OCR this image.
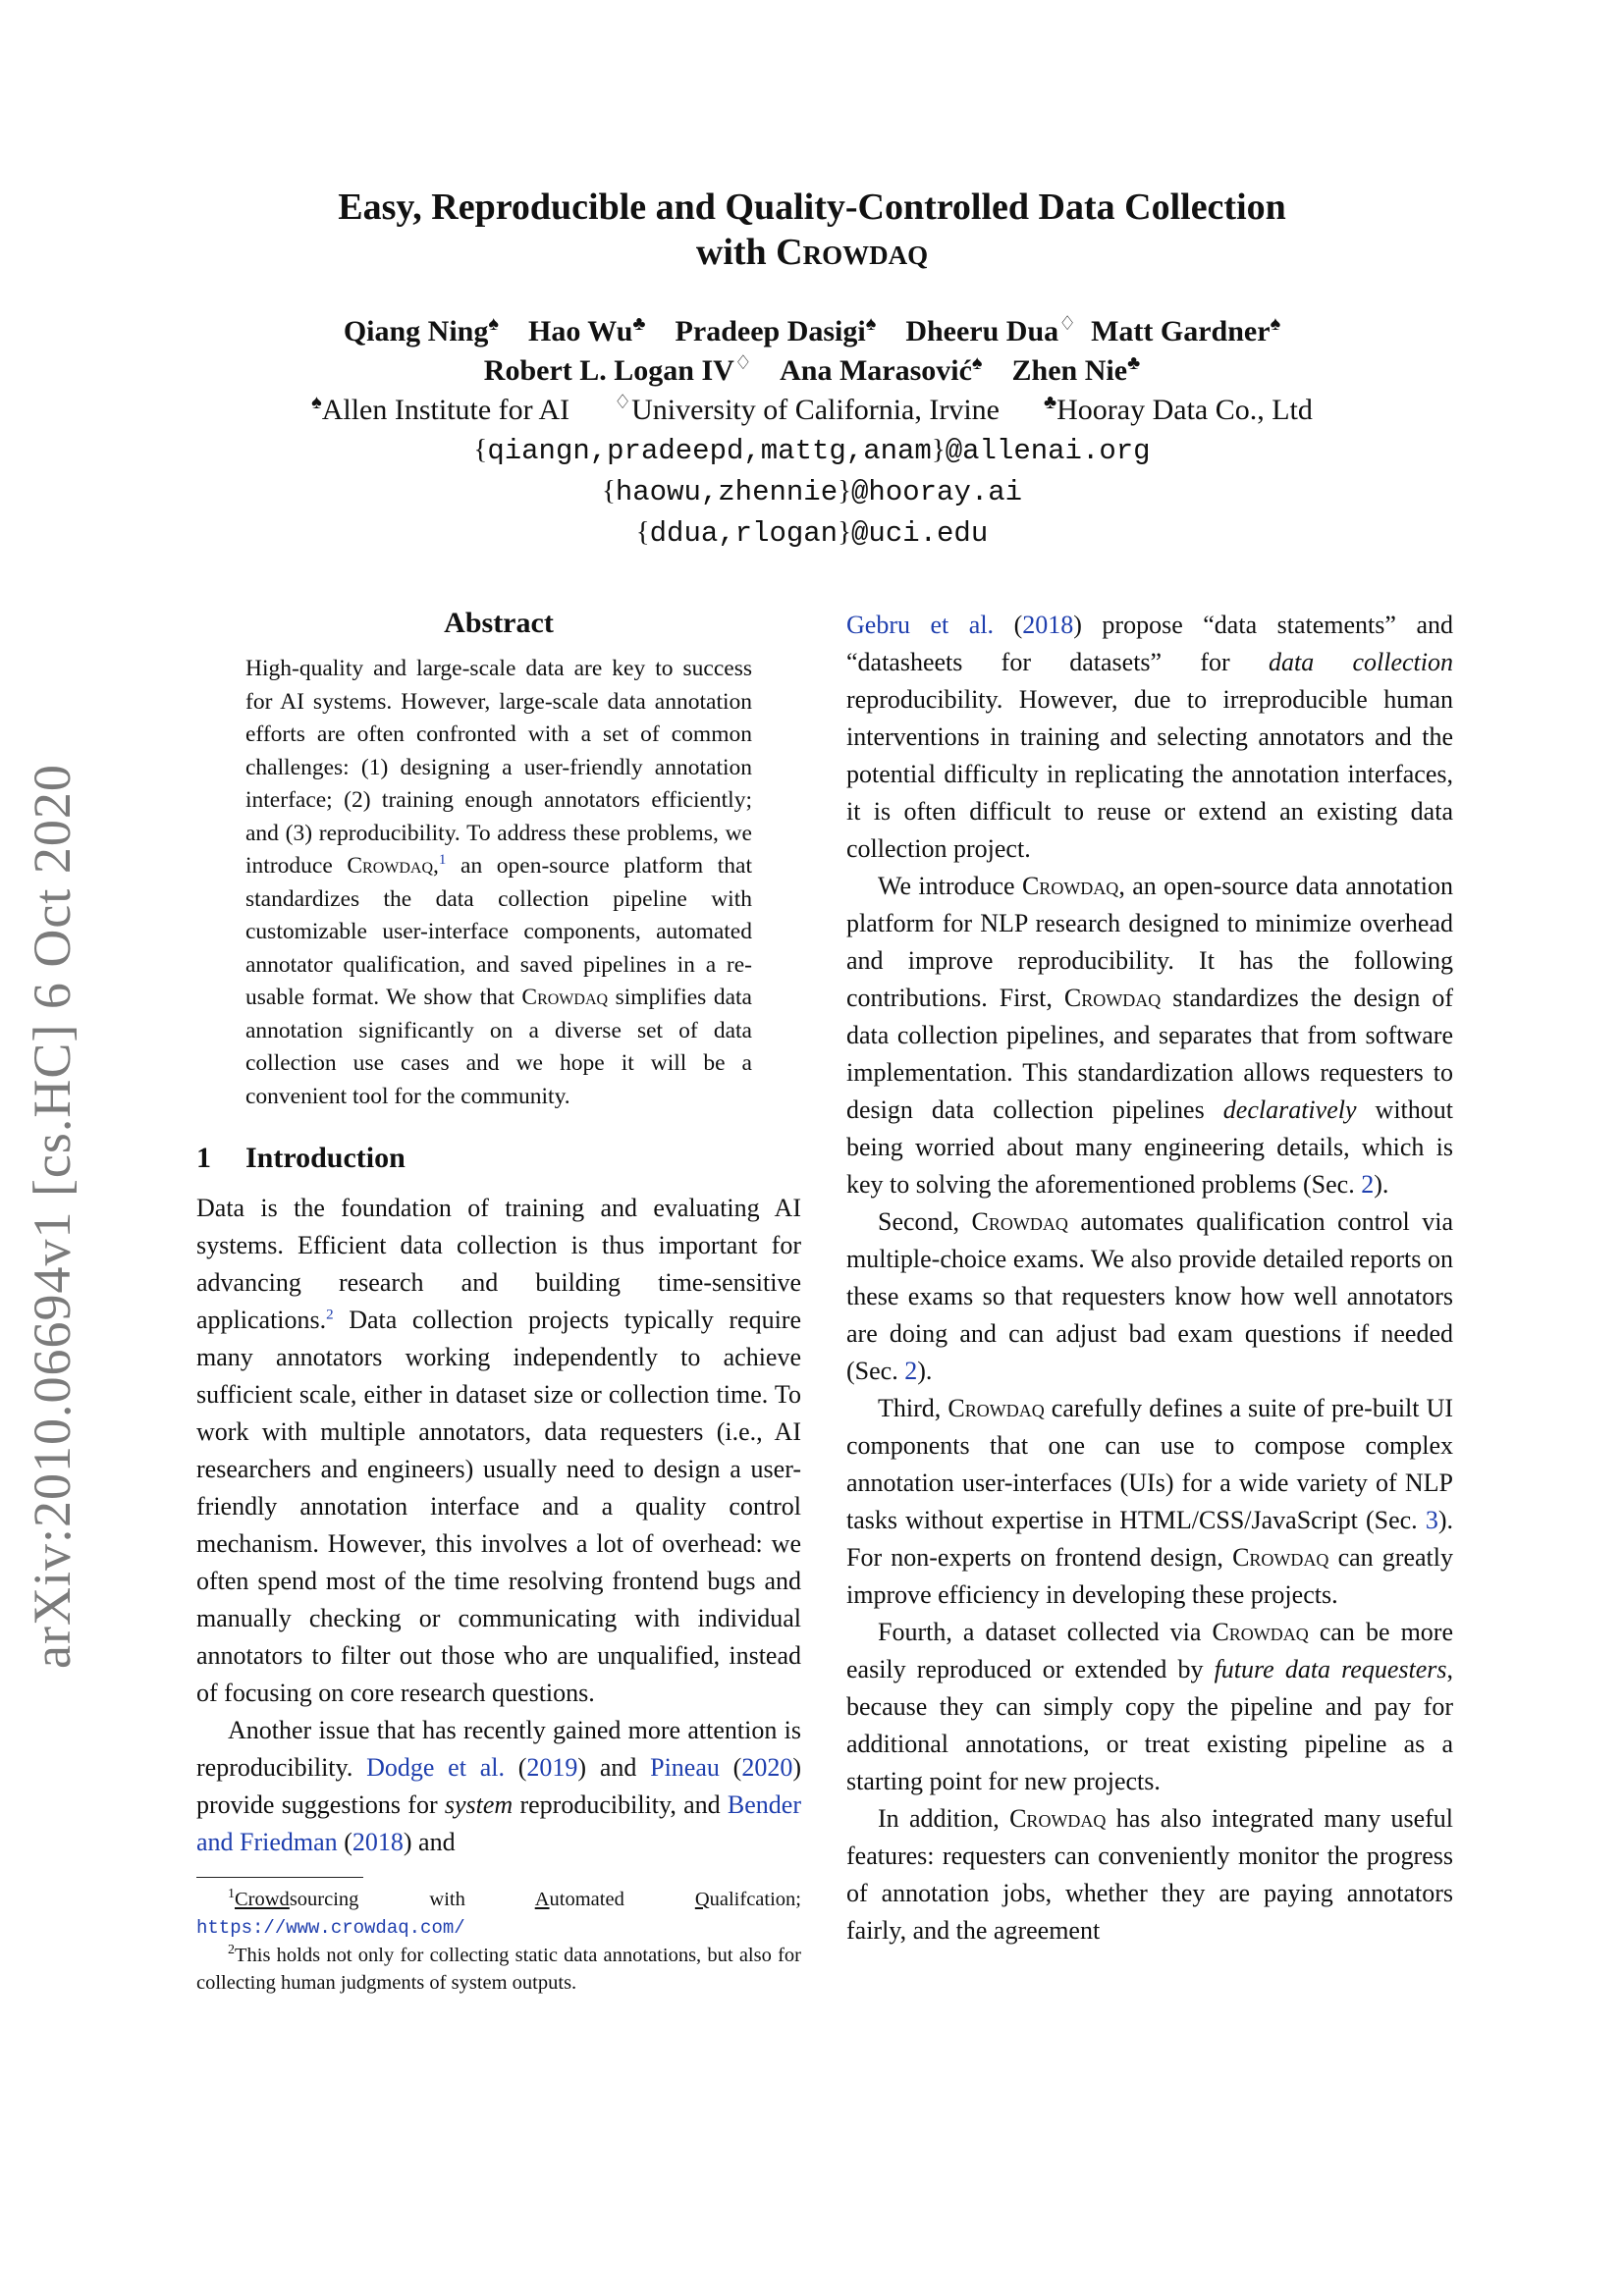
arXiv:2010.06694v1 [cs.HC] 6 Oct 2020
Easy, Reproducible and Quality-Controlled Data Collection
with Crowdaq
Qiang Ning♠ Hao Wu♣ Pradeep Dasigi♠ Dheeru Dua♢ Matt Gardner♠
Robert L. Logan IV♢ Ana Marasović♠ Zhen Nie♣
♠Allen Institute for AI ♢University of California, Irvine ♣Hooray Data Co., Ltd
{qiangn,pradeepd,mattg,anam}@allenai.org
{haowu,zhennie}@hooray.ai
{ddua,rlogan}@uci.edu
Abstract

High-quality and large-scale data are key to success for AI systems. However, large-scale data annotation efforts are often confronted with a set of common challenges: (1) designing a user-friendly annotation interface; (2) training enough annotators efficiently; and (3) reproducibility. To address these problems, we introduce Crowdaq,$^1$ an open-source platform that standardizes the data collection pipeline with customizable user-interface components, automated annotator qualification, and saved pipelines in a re-usable format. We show that Crowdaq simplifies data annotation significantly on a diverse set of data collection use cases and we hope it will be a convenient tool for the community.

1 Introduction

Data is the foundation of training and evaluating AI systems. Efficient data collection is thus important for advancing research and building time-sensitive applications.$^2$ Data collection projects typically require many annotators working independently to achieve sufficient scale, either in dataset size or collection time. To work with multiple annotators, data requesters (i.e., AI researchers and engineers) usually need to design a user-friendly annotation interface and a quality control mechanism. However, this involves a lot of overhead: we often spend most of the time resolving frontend bugs and manually checking or communicating with individual annotators to filter out those who are unqualified, instead of focusing on core research questions.

Another issue that has recently gained more attention is reproducibility. Dodge et al. (2019) and Pineau (2020) provide suggestions for system reproducibility, and Bender and Friedman (2018) and

$^1$Crowdsourcing with Automated Qualifcation; https://www.crowdaq.com/

$^2$This holds not only for collecting static data annotations, but also for collecting human judgments of system outputs.

Gebru et al. (2018) propose “data statements” and “datasheets for datasets” for data collection reproducibility. However, due to irreproducible human interventions in training and selecting annotators and the potential difficulty in replicating the annotation interfaces, it is often difficult to reuse or extend an existing data collection project.

We introduce Crowdaq, an open-source data annotation platform for NLP research designed to minimize overhead and improve reproducibility. It has the following contributions. First, Crowdaq standardizes the design of data collection pipelines, and separates that from software implementation. This standardization allows requesters to design data collection pipelines declaratively without being worried about many engineering details, which is key to solving the aforementioned problems (Sec. 2).

Second, Crowdaq automates qualification control via multiple-choice exams. We also provide detailed reports on these exams so that requesters know how well annotators are doing and can adjust bad exam questions if needed (Sec. 2).

Third, Crowdaq carefully defines a suite of pre-built UI components that one can use to compose complex annotation user-interfaces (UIs) for a wide variety of NLP tasks without expertise in HTML/CSS/JavaScript (Sec. 3). For non-experts on frontend design, Crowdaq can greatly improve efficiency in developing these projects.

Fourth, a dataset collected via Crowdaq can be more easily reproduced or extended by future data requesters, because they can simply copy the pipeline and pay for additional annotations, or treat existing pipeline as a starting point for new projects.

In addition, Crowdaq has also integrated many useful features: requesters can conveniently monitor the progress of annotation jobs, whether they are paying annotators fairly, and the agreement
